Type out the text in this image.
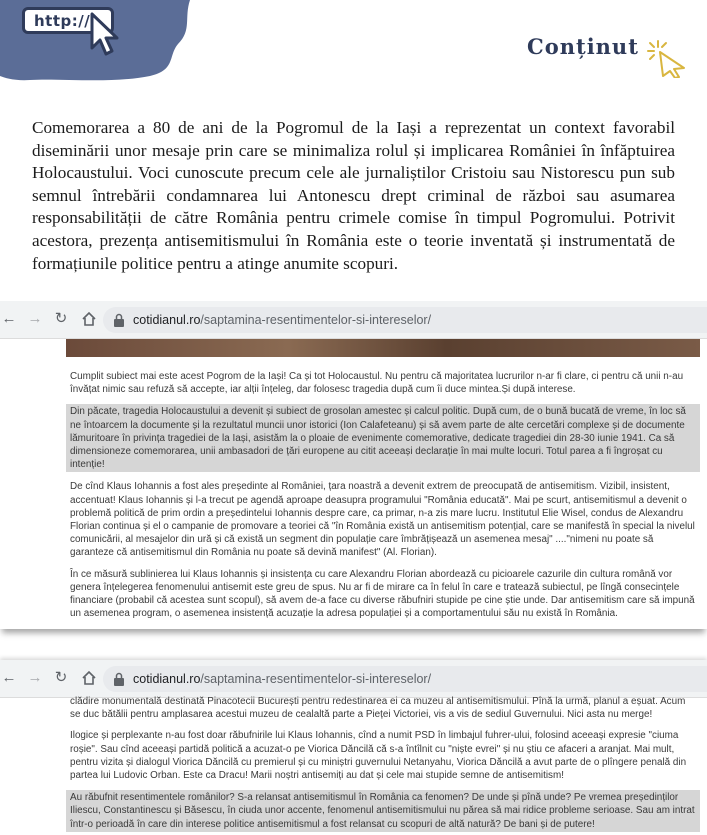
http://
Conținut

Comemorarea a 80 de ani de la Pogromul de la Iași a reprezentat un context favorabil diseminării unor mesaje prin care se minimaliza rolul și implicarea României în înfăptuirea Holocaustului. Voci cunoscute precum cele ale jurnaliștilor Cristoiu sau Nistorescu pun sub semnul întrebării condamnarea lui Antonescu drept criminal de război sau asumarea responsabilității de către România pentru crimele comise în timpul Pogromului. Potrivit acestora, prezența antisemitismului în România este o teorie inventată și instrumentată de formațiunile politice pentru a atinge anumite scopuri.

← → ↻	cotidianul.ro/saptamina-resentimentelor-si-intereselor/

Cumplit subiect mai este acest Pogrom de la Iași! Ca și tot Holocaustul. Nu pentru că majoritatea lucrurilor n-ar fi clare, ci pentru că unii n-au învățat nimic sau refuză să accepte, iar alții înțeleg, dar folosesc tragedia după cum îi duce mintea.Și după interese.

Din păcate, tragedia Holocaustului a devenit și subiect de grosolan amestec și calcul politic. După cum, de o bună bucată de vreme, în loc să ne întoarcem la documente și la rezultatul muncii unor istorici (Ion Calafeteanu) și să avem parte de alte cercetări complexe și de documente lămuritoare în privința tragediei de la Iași, asistăm la o ploaie de evenimente comemorative, dedicate tragediei din 28-30 iunie 1941. Ca să dimensioneze comemorarea, unii ambasadori de țări europene au citit aceeași declarație în mai multe locuri. Totul parea a fi îngroșat cu intenție!

De cînd Klaus Iohannis a fost ales președinte al României, țara noastră a devenit extrem de preocupată de antisemitism. Vizibil, insistent, accentuat! Klaus Iohannis și l-a trecut pe agendă aproape deasupra programului "România educată". Mai pe scurt, antisemitismul a devenit o problemă politică de prim ordin a președintelui Iohannis despre care, ca primar, n-a zis mare lucru. Institutul Elie Wisel, condus de Alexandru Florian continua și el o campanie de promovare a teoriei că "în România există un antisemitism potențial, care se manifestă în special la nivelul comunicării, al mesajelor din ură și că există un segment din populație care îmbrățișează un asemenea mesaj" ...."nimeni nu poate să garanteze că antisemitismul din România nu poate să devină manifest" (Al. Florian).

În ce măsură sublinierea lui Klaus Iohannis și insistența cu care Alexandru Florian abordează cu picioarele cazurile din cultura română vor genera înțelegerea fenomenului antisemit este greu de spus. Nu ar fi de mirare ca în felul în care e tratează subiectul, pe lîngă consecințele financiare (probabil că acestea sunt scopul), să avem de-a face cu diverse răbufniri stupide pe cine știe unde. Dar antisemitism care să impună un asemenea program, o asemenea insistență acuzație la adresa populației și a comportamentului său nu există în România.

← → ↻	cotidianul.ro/saptamina-resentimentelor-si-intereselor/

clădire monumentală destinată Pinacotecii București pentru redestinarea ei ca muzeu al antisemitismului. Pînă la urmă, planul a eșuat. Acum se duc bătălii pentru amplasarea acestui muzeu de cealaltă parte a Pieței Victoriei, vis a vis de sediul Guvernului. Nici asta nu merge!

Ilogice și perplexante n-au fost doar răbufnirile lui Klaus Iohannis, cînd a numit PSD în limbajul fuhrer-ului, folosind aceeași expresie "ciuma roșie". Sau cînd aceeași partidă politică a acuzat-o pe Viorica Dăncilă că s-a întîlnit cu "niște evrei" și nu știu ce afaceri a aranjat. Mai mult, pentru vizita și dialogul Viorica Dăncilă cu premierul și cu miniștri guvernului Netanyahu, Viorica Dăncilă a avut parte de o plîngere penală din partea lui Ludovic Orban. Este ca Dracu! Marii noștri antisemiți au dat și cele mai stupide semne de antisemitism!

Au răbufnit resentimentele românilor? S-a relansat antisemitismul în România ca fenomen? De unde și pînă unde? Pe vremea președinților Iliescu, Constantinescu și Băsescu, în ciuda unor accente, fenomenul antisemitismului nu părea să mai ridice probleme serioase. Sau am intrat într-o perioadă în care din interese politice antisemitismul a fost relansat cu scopuri de altă natură? De bani și de putere!
